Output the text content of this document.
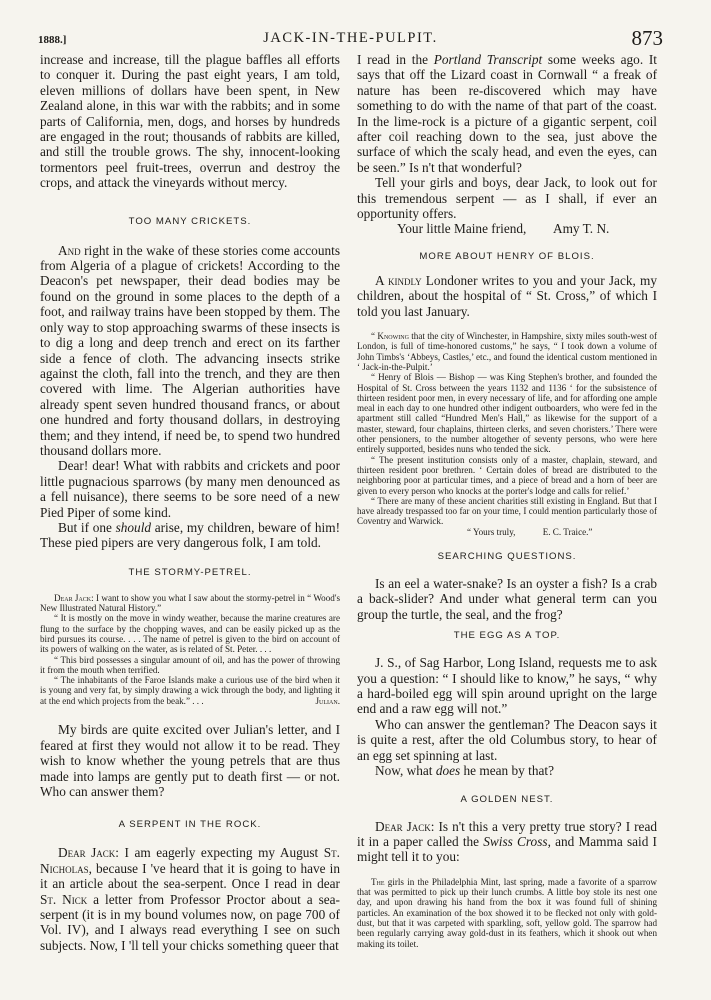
1888.]	JACK-IN-THE-PULPIT.	873

increase and increase, till the plague baffles all efforts to conquer it. During the past eight years, I am told, eleven millions of dollars have been spent, in New Zealand alone, in this war with the rabbits; and in some parts of California, men, dogs, and horses by hundreds are engaged in the rout; thousands of rabbits are killed, and still the trouble grows. The shy, innocent-looking tormentors peel fruit-trees, overrun and destroy the crops, and attack the vineyards without mercy.

TOO MANY CRICKETS.

And right in the wake of these stories come accounts from Algeria of a plague of crickets! According to the Deacon's pet newspaper, their dead bodies may be found on the ground in some places to the depth of a foot, and railway trains have been stopped by them. The only way to stop approaching swarms of these insects is to dig a long and deep trench and erect on its farther side a fence of cloth. The advancing insects strike against the cloth, fall into the trench, and they are then covered with lime. The Algerian authorities have already spent seven hundred thousand francs, or about one hundred and forty thousand dollars, in destroying them; and they intend, if need be, to spend two hundred thousand dollars more.

Dear! dear! What with rabbits and crickets and poor little pugnacious sparrows (by many men denounced as a fell nuisance), there seems to be sore need of a new Pied Piper of some kind.

But if one should arise, my children, beware of him! These pied pipers are very dangerous folk, I am told.

THE STORMY-PETREL.

Dear Jack: I want to show you what I saw about the stormy-petrel in “ Wood's New Illustrated Natural History.”

“ It is mostly on the move in windy weather, because the marine creatures are flung to the surface by the chopping waves, and can be easily picked up as the bird pursues its course. . . . The name of petrel is given to the bird on account of its powers of walking on the water, as is related of St. Peter. . . .

“ This bird possesses a singular amount of oil, and has the power of throwing it from the mouth when terrified.

“ The inhabitants of the Faroe Islands make a curious use of the bird when it is young and very fat, by simply drawing a wick through the body, and lighting it at the end which projects from the beak.” . . .	Julian.

My birds are quite excited over Julian's letter, and I feared at first they would not allow it to be read. They wish to know whether the young petrels that are thus made into lamps are gently put to death first — or not. Who can answer them?

A SERPENT IN THE ROCK.

Dear Jack: I am eagerly expecting my August St. Nicholas, because I 've heard that it is going to have in it an article about the sea-serpent. Once I read in dear St. Nick a letter from Professor Proctor about a sea-serpent (it is in my bound volumes now, on page 700 of Vol. IV), and I always read everything I see on such subjects. Now, I 'll tell your chicks something queer that

I read in the Portland Transcript some weeks ago. It says that off the Lizard coast in Cornwall “ a freak of nature has been re-discovered which may have something to do with the name of that part of the coast. In the lime-rock is a picture of a gigantic serpent, coil after coil reaching down to the sea, just above the surface of which the scaly head, and even the eyes, can be seen.” Is n't that wonderful?

Tell your girls and boys, dear Jack, to look out for this tremendous serpent — as I shall, if ever an opportunity offers.

Your little Maine friend,  Amy T. N.

MORE ABOUT HENRY OF BLOIS.

A kindly Londoner writes to you and your Jack, my children, about the hospital of “ St. Cross,” of which I told you last January.

“ Knowing that the city of Winchester, in Hampshire, sixty miles south-west of London, is full of time-honored customs,” he says, “ I took down a volume of John Timbs's ‘Abbeys, Castles,’ etc., and found the identical custom mentioned in ‘ Jack-in-the-Pulpit.’

“ Henry of Blois — Bishop — was King Stephen's brother, and founded the Hospital of St. Cross between the years 1132 and 1136 ‘ for the subsistence of thirteen resident poor men, in every necessary of life, and for affording one ample meal in each day to one hundred other indigent outboarders, who were fed in the apartment still called “Hundred Men's Hall,” as likewise for the support of a master, steward, four chaplains, thirteen clerks, and seven choristers.’ There were other pensioners, to the number altogether of seventy persons, who were here entirely supported, besides nuns who tended the sick.

“ The present institution consists only of a master, chaplain, steward, and thirteen resident poor brethren. ‘ Certain doles of bread are distributed to the neighboring poor at particular times, and a piece of bread and a horn of beer are given to every person who knocks at the porter's lodge and calls for relief.’

“ There are many of these ancient charities still existing in England. But that I have already trespassed too far on your time, I could mention particularly those of Coventry and Warwick.

“ Yours truly,   E. C. Traice.”

SEARCHING QUESTIONS.

Is an eel a water-snake? Is an oyster a fish? Is a crab a back-slider? And under what general term can you group the turtle, the seal, and the frog?

THE EGG AS A TOP.

J. S., of Sag Harbor, Long Island, requests me to ask you a question: “ I should like to know,” he says, “ why a hard-boiled egg will spin around upright on the large end and a raw egg will not.”

Who can answer the gentleman? The Deacon says it is quite a rest, after the old Columbus story, to hear of an egg set spinning at last.

Now, what does he mean by that?

A GOLDEN NEST.

Dear Jack: Is n't this a very pretty true story? I read it in a paper called the Swiss Cross, and Mamma said I might tell it to you:

The girls in the Philadelphia Mint, last spring, made a favorite of a sparrow that was permitted to pick up their lunch crumbs. A little boy stole its nest one day, and upon drawing his hand from the box it was found full of shining particles. An examination of the box showed it to be flecked not only with gold-dust, but that it was carpeted with sparkling, soft, yellow gold. The sparrow had been regularly carrying away gold-dust in its feathers, which it shook out when making its toilet.
